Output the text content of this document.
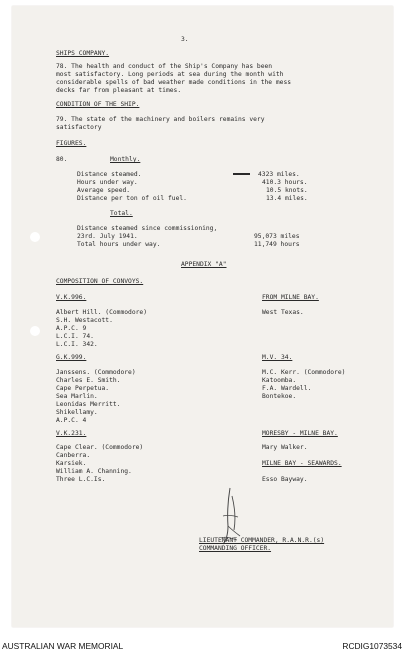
3.
SHIPS COMPANY.
78. The health and conduct of the Ship's Company has been
most satisfactory. Long periods at sea during the month with
considerable spells of bad weather made conditions in the mess
decks far from pleasant at times.
CONDITION OF THE SHIP.
79. The state of the machinery and boilers remains very
satisfactory
FIGURES.
80.	Monthly.
Distance steamed.	4323 miles.
Hours under way.	410.3 hours.
Average speed.	10.5 knots.
Distance per ton of oil fuel.	13.4 miles.
Total.
Distance steamed since commissioning,
23rd. July 1941.	95,073 miles
Total hours under way.	11,749 hours
APPENDIX "A"
COMPOSITION OF CONVOYS.
V.K.996.
Albert Hill. (Commodore)
S.H. Westacott.
A.P.C. 9
L.C.I. 74.
L.C.I. 342.
G.K.999.
Janssens. (Commodore)
Charles E. Smith.
Cape Perpetua.
Sea Marlin.
Leonidas Merritt.
Shikellamy.
A.P.C. 4
V.K.231.
Cape Clear. (Commodore)
Canberra.
Karsiek.
William A. Channing.
Three L.C.Is.
FROM MILNE BAY.
West Texas.
M.V. 34.
M.C. Kerr. (Commodore)
Katoomba.
F.A. Wardell.
Bontekoe.
MORESBY - MILNE BAY.
Mary Walker.
MILNE BAY - SEAWARDS.
Esso Bayway.
LIEUTENANT COMMANDER, R.A.N.R.(s)
COMMANDING OFFICER.
AUSTRALIAN WAR MEMORIAL	RCDIG1073534
